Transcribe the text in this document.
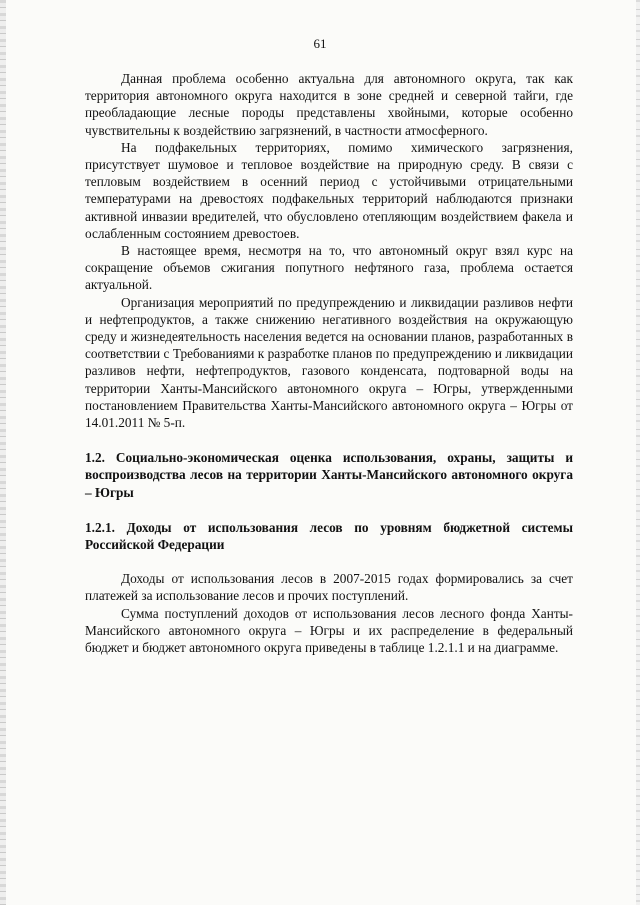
61

Данная проблема особенно актуальна для автономного округа, так как территория автономного округа находится в зоне средней и северной тайги, где преобладающие лесные породы представлены хвойными, которые особенно чувствительны к воздействию загрязнений, в частности атмосферного.

На подфакельных территориях, помимо химического загрязнения, присутствует шумовое и тепловое воздействие на природную среду. В связи с тепловым воздействием в осенний период с устойчивыми отрицательными температурами на древостоях подфакельных территорий наблюдаются признаки активной инвазии вредителей, что обусловлено отепляющим воздействием факела и ослабленным состоянием древостоев.

В настоящее время, несмотря на то, что автономный округ взял курс на сокращение объемов сжигания попутного нефтяного газа, проблема остается актуальной.

Организация мероприятий по предупреждению и ликвидации разливов нефти и нефтепродуктов, а также снижению негативного воздействия на окружающую среду и жизнедеятельность населения ведется на основании планов, разработанных в соответствии с Требованиями к разработке планов по предупреждению и ликвидации разливов нефти, нефтепродуктов, газового конденсата, подтоварной воды на территории Ханты-Мансийского автономного округа – Югры, утвержденными постановлением Правительства Ханты-Мансийского автономного округа – Югры от 14.01.2011 № 5-п.

1.2. Социально-экономическая оценка использования, охраны, защиты и воспроизводства лесов на территории Ханты-Мансийского автономного округа – Югры

1.2.1. Доходы от использования лесов по уровням бюджетной системы Российской Федерации

Доходы от использования лесов в 2007-2015 годах формировались за счет платежей за использование лесов и прочих поступлений.

Сумма поступлений доходов от использования лесов лесного фонда Ханты-Мансийского автономного округа – Югры и их распределение в федеральный бюджет и бюджет автономного округа приведены в таблице 1.2.1.1 и на диаграмме.
